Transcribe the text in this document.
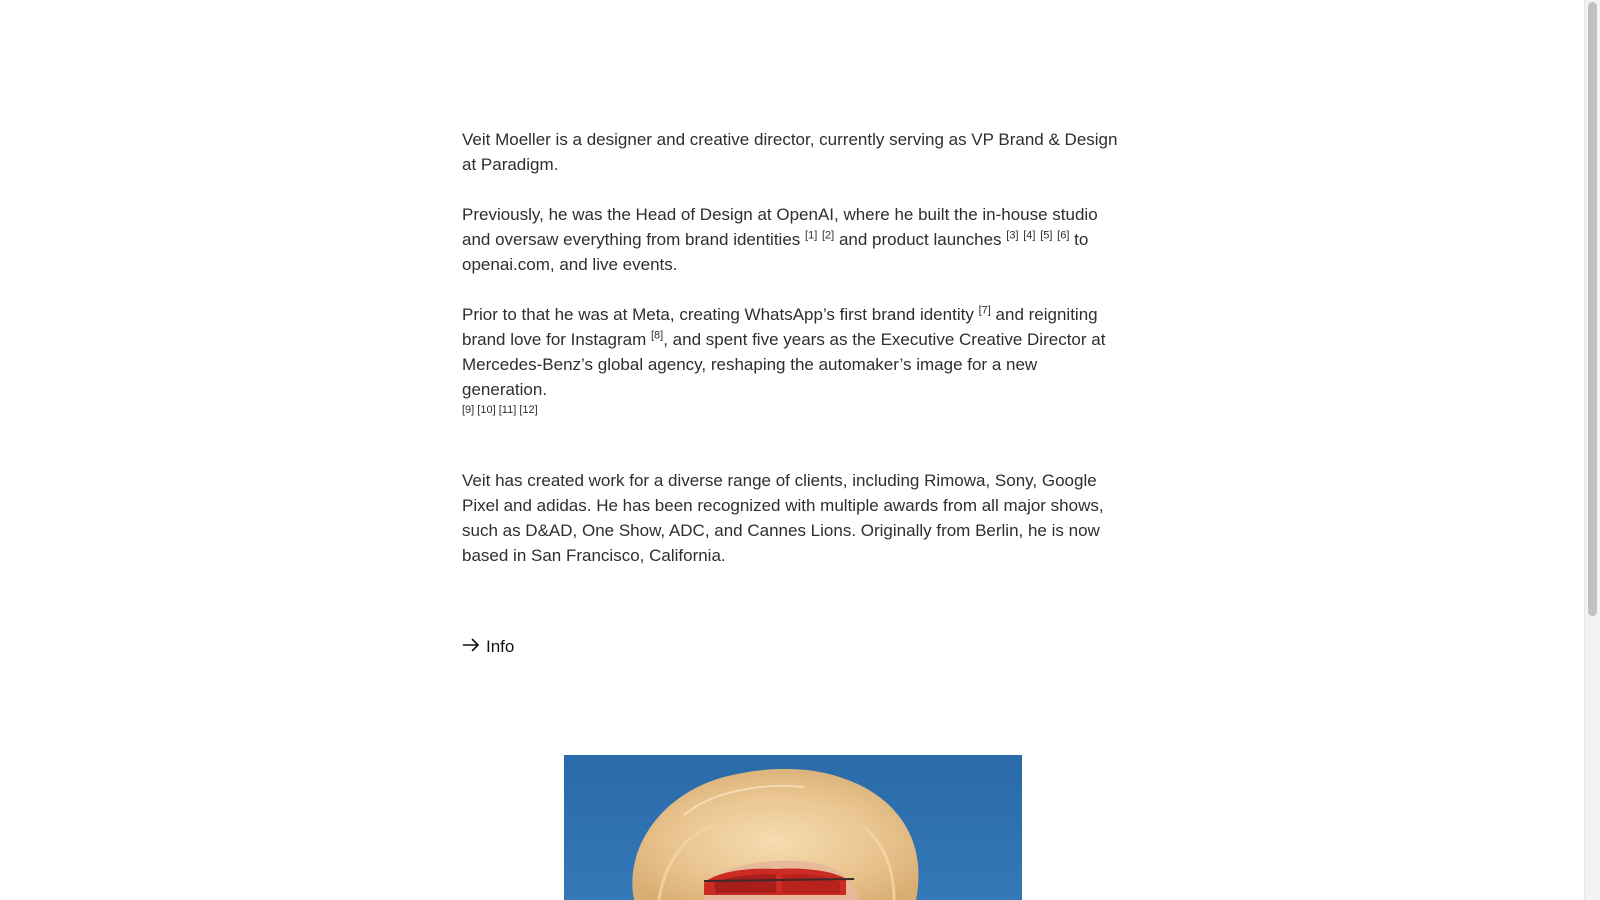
Veit Moeller is a designer and creative director, currently serving as VP Brand & Design at Paradigm.

Previously, he was the Head of Design at OpenAI, where he built the in-house studio and oversaw everything from brand identities [1] [2] and product launches [3] [4] [5] [6] to openai.com, and live events.

Prior to that he was at Meta, creating WhatsApp’s first brand identity [7] and reigniting brand love for Instagram [8], and spent five years as the Executive Creative Director at Mercedes-Benz’s global agency, reshaping the automaker’s image for a new generation.
[9] [10] [11] [12]

Veit has created work for a diverse range of clients, including Rimowa, Sony, Google Pixel and adidas. He has been recognized with multiple awards from all major shows, such as D&AD, One Show, ADC, and Cannes Lions. Originally from Berlin, he is now based in San Francisco, California.

Info
